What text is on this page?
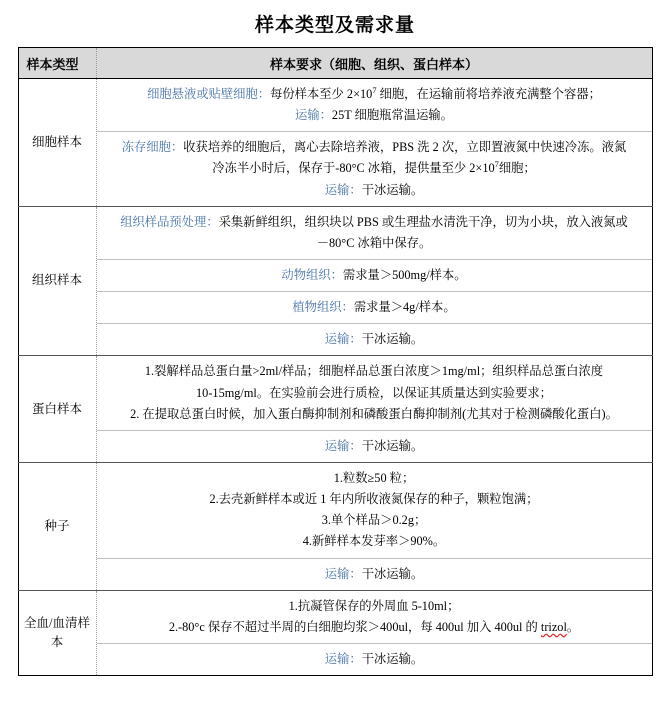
样本类型及需求量
样本类型	样本要求（细胞、组织、蛋白样本）
细胞样本	细胞悬液或贴壁细胞：每份样本至少 $2\times 10^7$ 细胞，在运输前将培养液充满整个容器；
运输：25T 细胞瓶常温运输。
冻存细胞：收获培养的细胞后，离心去除培养液，PBS 洗 2 次，立即置液氮中快速冷冻。液氮
冷冻半小时后，保存于-80°C 冰箱，提供量至少 $2\times 10^7$细胞；
运输：干冰运输。

组织样本	组织样品预处理：采集新鲜组织，组织块以 PBS 或生理盐水清洗干净，切为小块，放入液氮或
－80°C 冰箱中保存。
动物组织：需求量＞500mg/样本。
植物组织：需求量＞4g/样本。
运输：干冰运输。

蛋白样本	1.裂解样品总蛋白量>2ml/样品；细胞样品总蛋白浓度＞1mg/ml；组织样品总蛋白浓度
10-15mg/ml。在实验前会进行质检，以保证其质量达到实验要求；
2. 在提取总蛋白时候，加入蛋白酶抑制剂和磷酸蛋白酶抑制剂(尤其对于检测磷酸化蛋白)。
运输：干冰运输。

种子	1.粒数≥50 粒；
2.去壳新鲜样本或近 1 年内所收液氮保存的种子，颗粒饱满；
3.单个样品＞0.2g；
4.新鲜样本发芽率＞90%。
运输：干冰运输。

全血/血清样本	1.抗凝管保存的外周血 5-10ml；
2.-80°c 保存不超过半周的白细胞均浆＞400ul，每 400ul 加入 400ul 的 trizol。
运输：干冰运输。
